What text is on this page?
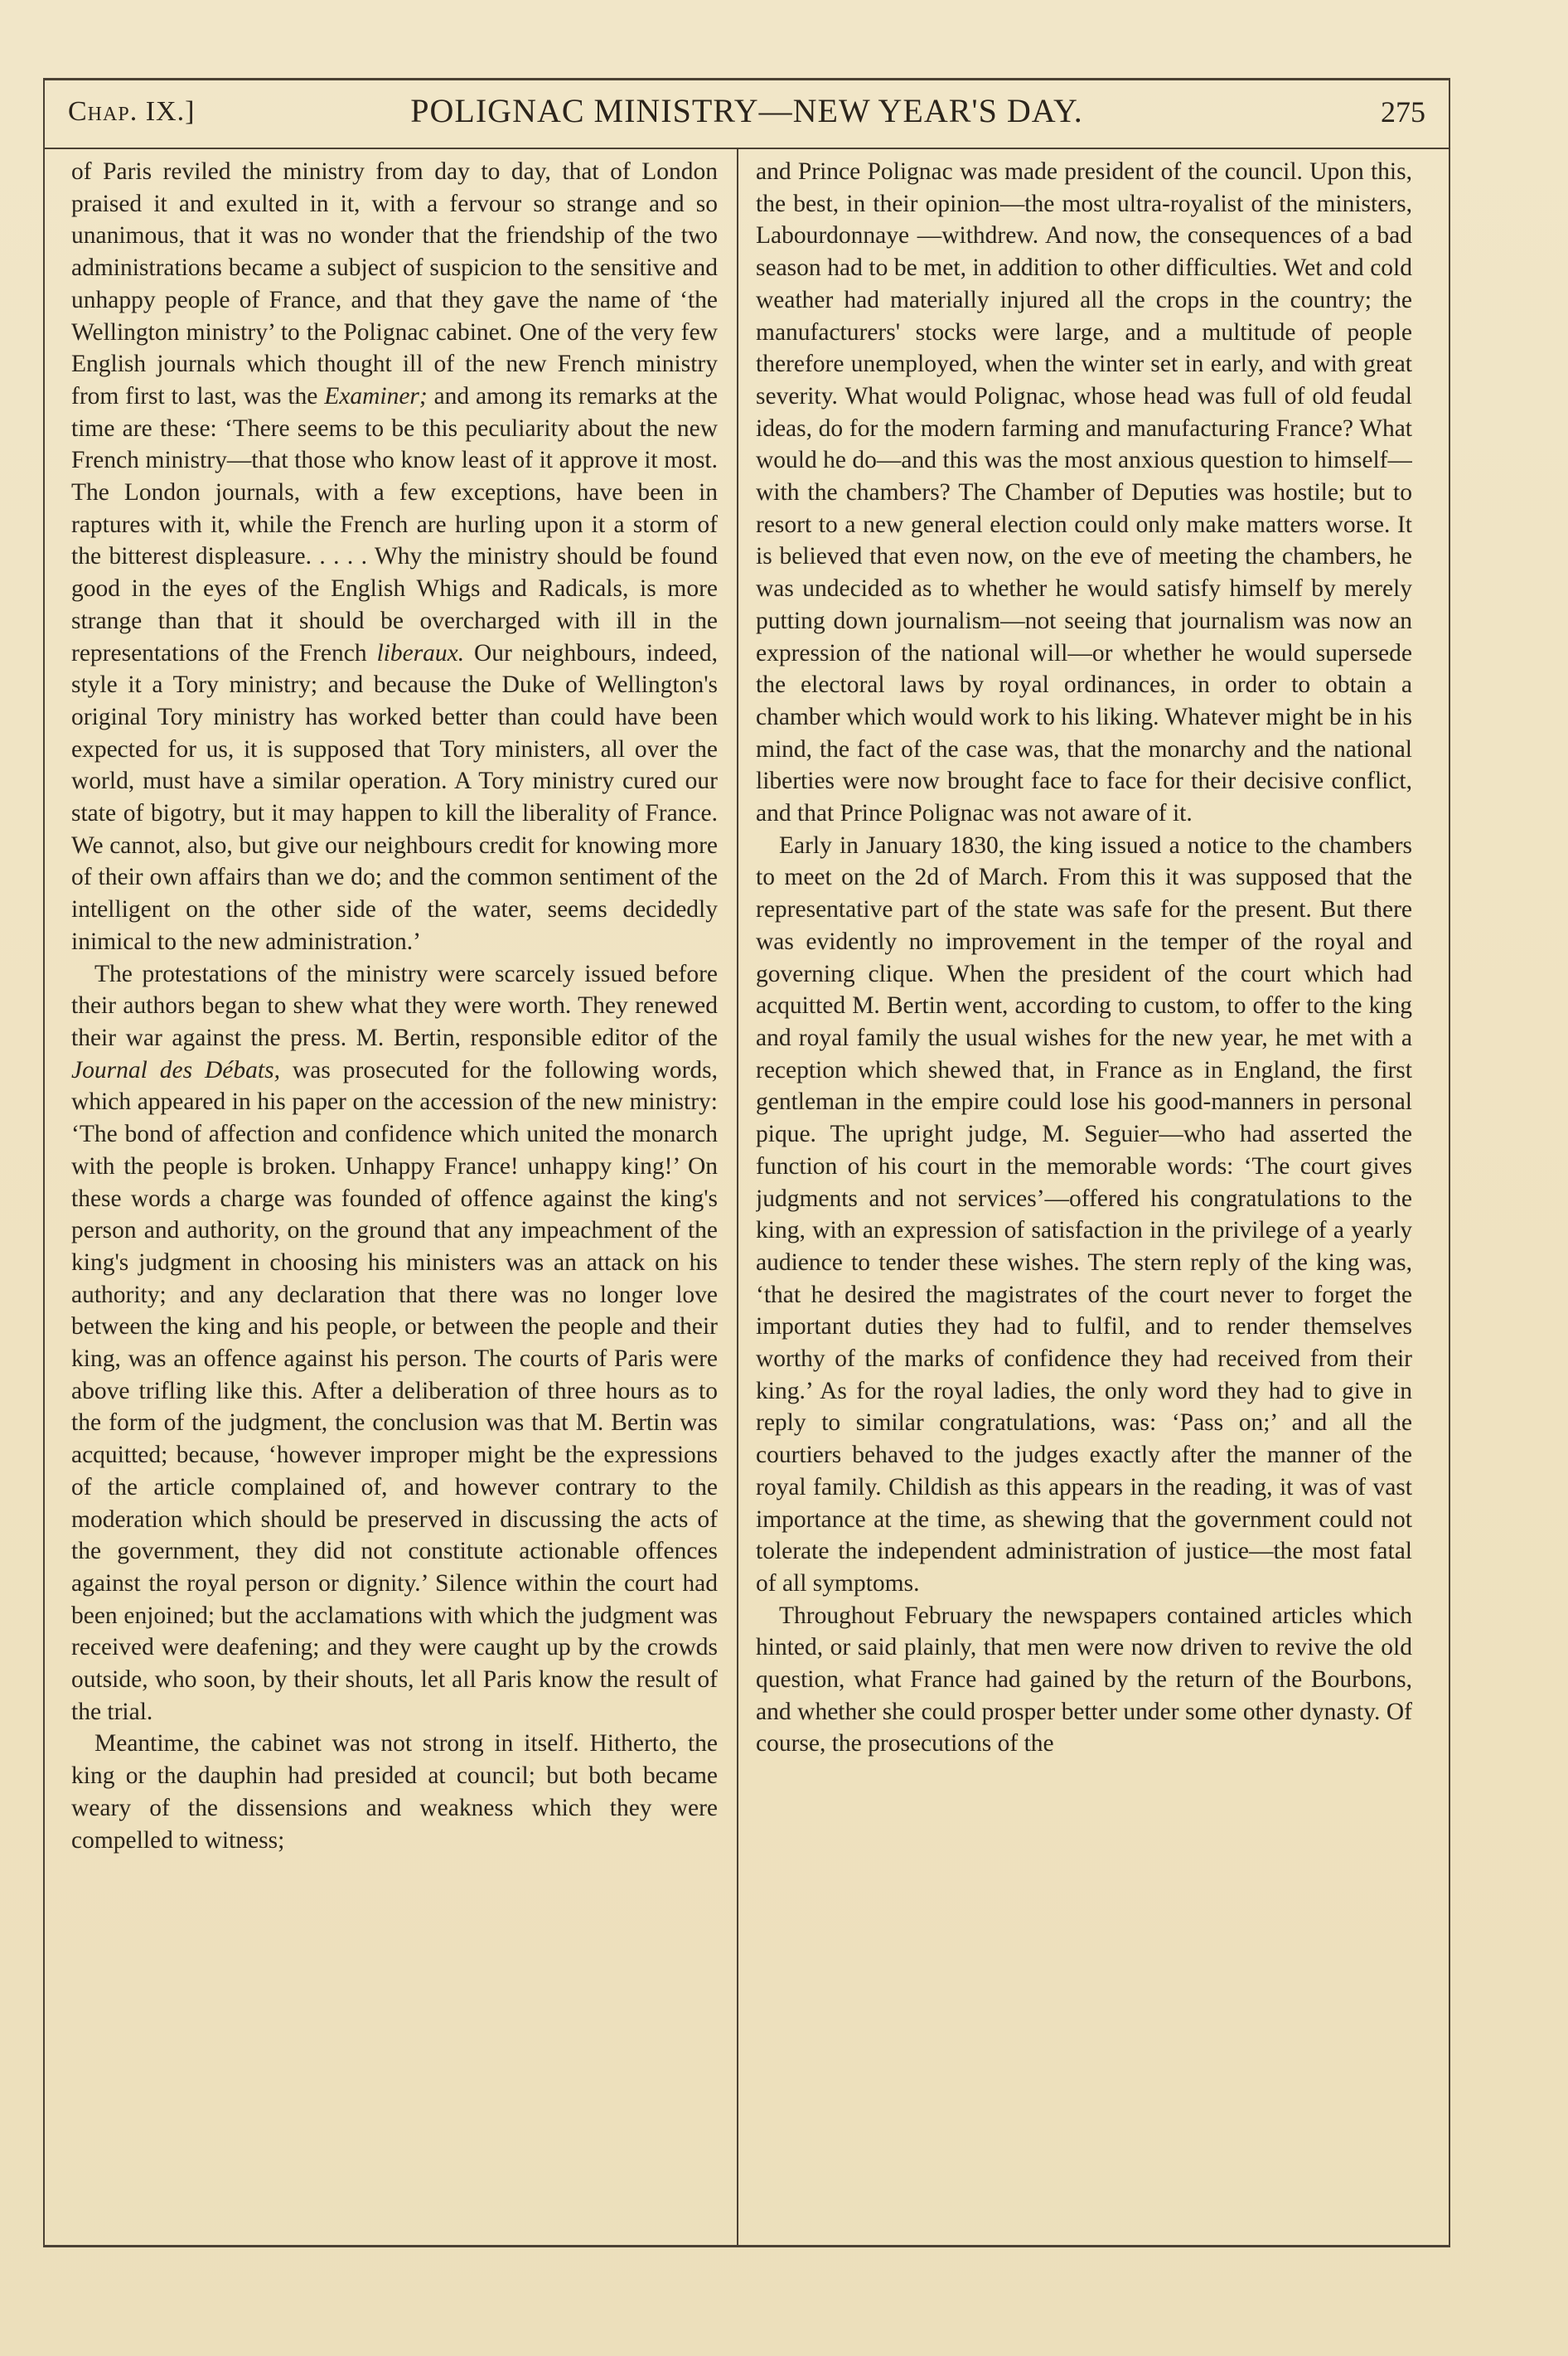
Chap. IX.]	POLIGNAC MINISTRY—NEW YEAR'S DAY.	275

of Paris reviled the ministry from day to day, that of London praised it and exulted in it, with a fervour so strange and so unanimous, that it was no wonder that the friendship of the two administrations became a subject of suspicion to the sensitive and unhappy people of France, and that they gave the name of ‘the Wellington ministry’ to the Polignac cabinet. One of the very few English journals which thought ill of the new French ministry from first to last, was the Examiner; and among its remarks at the time are these: ‘There seems to be this peculiarity about the new French ministry—that those who know least of it approve it most. The London journals, with a few exceptions, have been in raptures with it, while the French are hurling upon it a storm of the bitterest displeasure. . . . . Why the ministry should be found good in the eyes of the English Whigs and Radicals, is more strange than that it should be overcharged with ill in the representations of the French liberaux. Our neighbours, indeed, style it a Tory ministry; and because the Duke of Wellington's original Tory ministry has worked better than could have been expected for us, it is supposed that Tory ministers, all over the world, must have a similar operation. A Tory ministry cured our state of bigotry, but it may happen to kill the liberality of France. We cannot, also, but give our neighbours credit for knowing more of their own affairs than we do; and the common sentiment of the intelligent on the other side of the water, seems decidedly inimical to the new administration.’

The protestations of the ministry were scarcely issued before their authors began to shew what they were worth. They renewed their war against the press. M. Bertin, responsible editor of the Journal des Débats, was prosecuted for the following words, which appeared in his paper on the accession of the new ministry: ‘The bond of affection and confidence which united the monarch with the people is broken. Unhappy France! unhappy king!’ On these words a charge was founded of offence against the king's person and authority, on the ground that any impeachment of the king's judgment in choosing his ministers was an attack on his authority; and any declaration that there was no longer love between the king and his people, or between the people and their king, was an offence against his person. The courts of Paris were above trifling like this. After a deliberation of three hours as to the form of the judgment, the conclusion was that M. Bertin was acquitted; because, ‘however improper might be the expressions of the article complained of, and however contrary to the moderation which should be preserved in discussing the acts of the government, they did not constitute actionable offences against the royal person or dignity.’ Silence within the court had been enjoined; but the acclamations with which the judgment was received were deafening; and they were caught up by the crowds outside, who soon, by their shouts, let all Paris know the result of the trial.

Meantime, the cabinet was not strong in itself. Hitherto, the king or the dauphin had presided at council; but both became weary of the dissensions and weakness which they were compelled to witness;

and Prince Polignac was made president of the council. Upon this, the best, in their opinion—the most ultra-royalist of the ministers, Labourdonnaye —withdrew. And now, the consequences of a bad season had to be met, in addition to other difficulties. Wet and cold weather had materially injured all the crops in the country; the manufacturers' stocks were large, and a multitude of people therefore unemployed, when the winter set in early, and with great severity. What would Polignac, whose head was full of old feudal ideas, do for the modern farming and manufacturing France? What would he do—and this was the most anxious question to himself—with the chambers? The Chamber of Deputies was hostile; but to resort to a new general election could only make matters worse. It is believed that even now, on the eve of meeting the chambers, he was undecided as to whether he would satisfy himself by merely putting down journalism—not seeing that journalism was now an expression of the national will—or whether he would supersede the electoral laws by royal ordinances, in order to obtain a chamber which would work to his liking. Whatever might be in his mind, the fact of the case was, that the monarchy and the national liberties were now brought face to face for their decisive conflict, and that Prince Polignac was not aware of it.

Early in January 1830, the king issued a notice to the chambers to meet on the 2d of March. From this it was supposed that the representative part of the state was safe for the present. But there was evidently no improvement in the temper of the royal and governing clique. When the president of the court which had acquitted M. Bertin went, according to custom, to offer to the king and royal family the usual wishes for the new year, he met with a reception which shewed that, in France as in England, the first gentleman in the empire could lose his good-manners in personal pique. The upright judge, M. Seguier—who had asserted the function of his court in the memorable words: ‘The court gives judgments and not services’—offered his congratulations to the king, with an expression of satisfaction in the privilege of a yearly audience to tender these wishes. The stern reply of the king was, ‘that he desired the magistrates of the court never to forget the important duties they had to fulfil, and to render themselves worthy of the marks of confidence they had received from their king.’ As for the royal ladies, the only word they had to give in reply to similar congratulations, was: ‘Pass on;’ and all the courtiers behaved to the judges exactly after the manner of the royal family. Childish as this appears in the reading, it was of vast importance at the time, as shewing that the government could not tolerate the independent administration of justice—the most fatal of all symptoms.

Throughout February the newspapers contained articles which hinted, or said plainly, that men were now driven to revive the old question, what France had gained by the return of the Bourbons, and whether she could prosper better under some other dynasty. Of course, the prosecutions of the
